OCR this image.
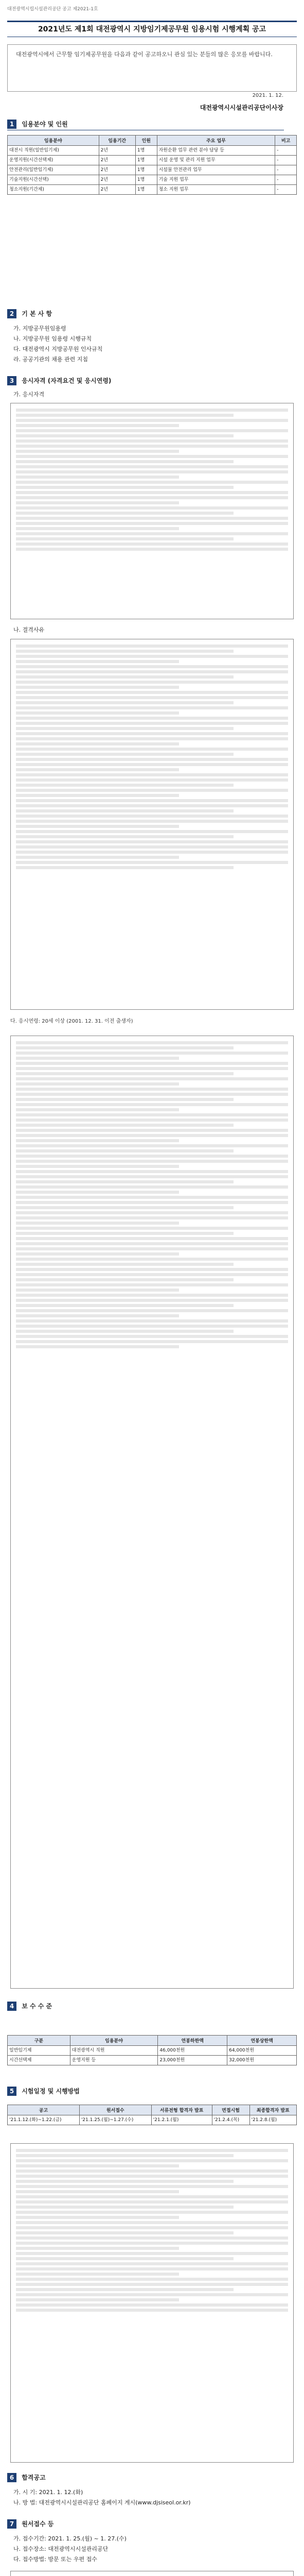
대전광역시립시설관리공단 공고 제2021-1호
2021년도 제1회 대전광역시 지방임기제공무원 임용시험 시행계획 공고
대전광역시에서 근무할 임기제공무원을 다음과 같이 공고하오니 관심 있는 분들의 많은 응모를 바랍니다.
2021. 1. 12.
대전광역시시설관리공단이사장
1 임용분야 및 인원
임용분야	임용기간	인원	주요 업무	비고
대전시 직원(일반임기제)	2년	1명	자원순환 업무 관련 분야 담당 등	-
운영지원(시간선택제)	2년	1명	시설 운영 및 관리 지원 업무	-
안전관리(일반임기제)	2년	1명	시설물 안전관리 업무	-
기술지원(시간선택)	2년	1명	기술 지원 업무	-
청소지원(기간제)	2년	1명	청소 지원 업무	-
2 기 본 사 항
가. 지방공무원임용령
나. 지방공무원 임용령 시행규칙
다. 대전광역시 지방공무원 인사규칙
라. 공공기관의 채용 관련 지침
3 응시자격 (자격요건 및 응시연령)
가. 응시자격
나. 결격사유
다. 응시연령: 20세 이상 (2001. 12. 31. 이전 출생자)
4 보 수 수 준
구분	임용분야	연봉하한액	연봉상한액
일반임기제	대전광역시 직원	46,000천원	64,000천원
시간선택제	운영지원 등	23,000천원	32,000천원
5 시험일정 및 시행방법
공고	원서접수	서류전형 합격자 발표	면접시험	최종합격자 발표
'21.1.12.(화)~1.22.(금)	'21.1.25.(월)~1.27.(수)	'21.2.1.(월)	'21.2.4.(목)	'21.2.8.(월)
6 합격공고
가. 시 기: 2021. 1. 12.(화)
나. 방 법: 대전광역시시설관리공단 홈페이지 게시(www.djsiseol.or.kr)
7 원서접수 등
가. 접수기간: 2021. 1. 25.(월) ~ 1. 27.(수)
나. 접수장소: 대전광역시시설관리공단
다. 접수방법: 방문 또는 우편 접수
